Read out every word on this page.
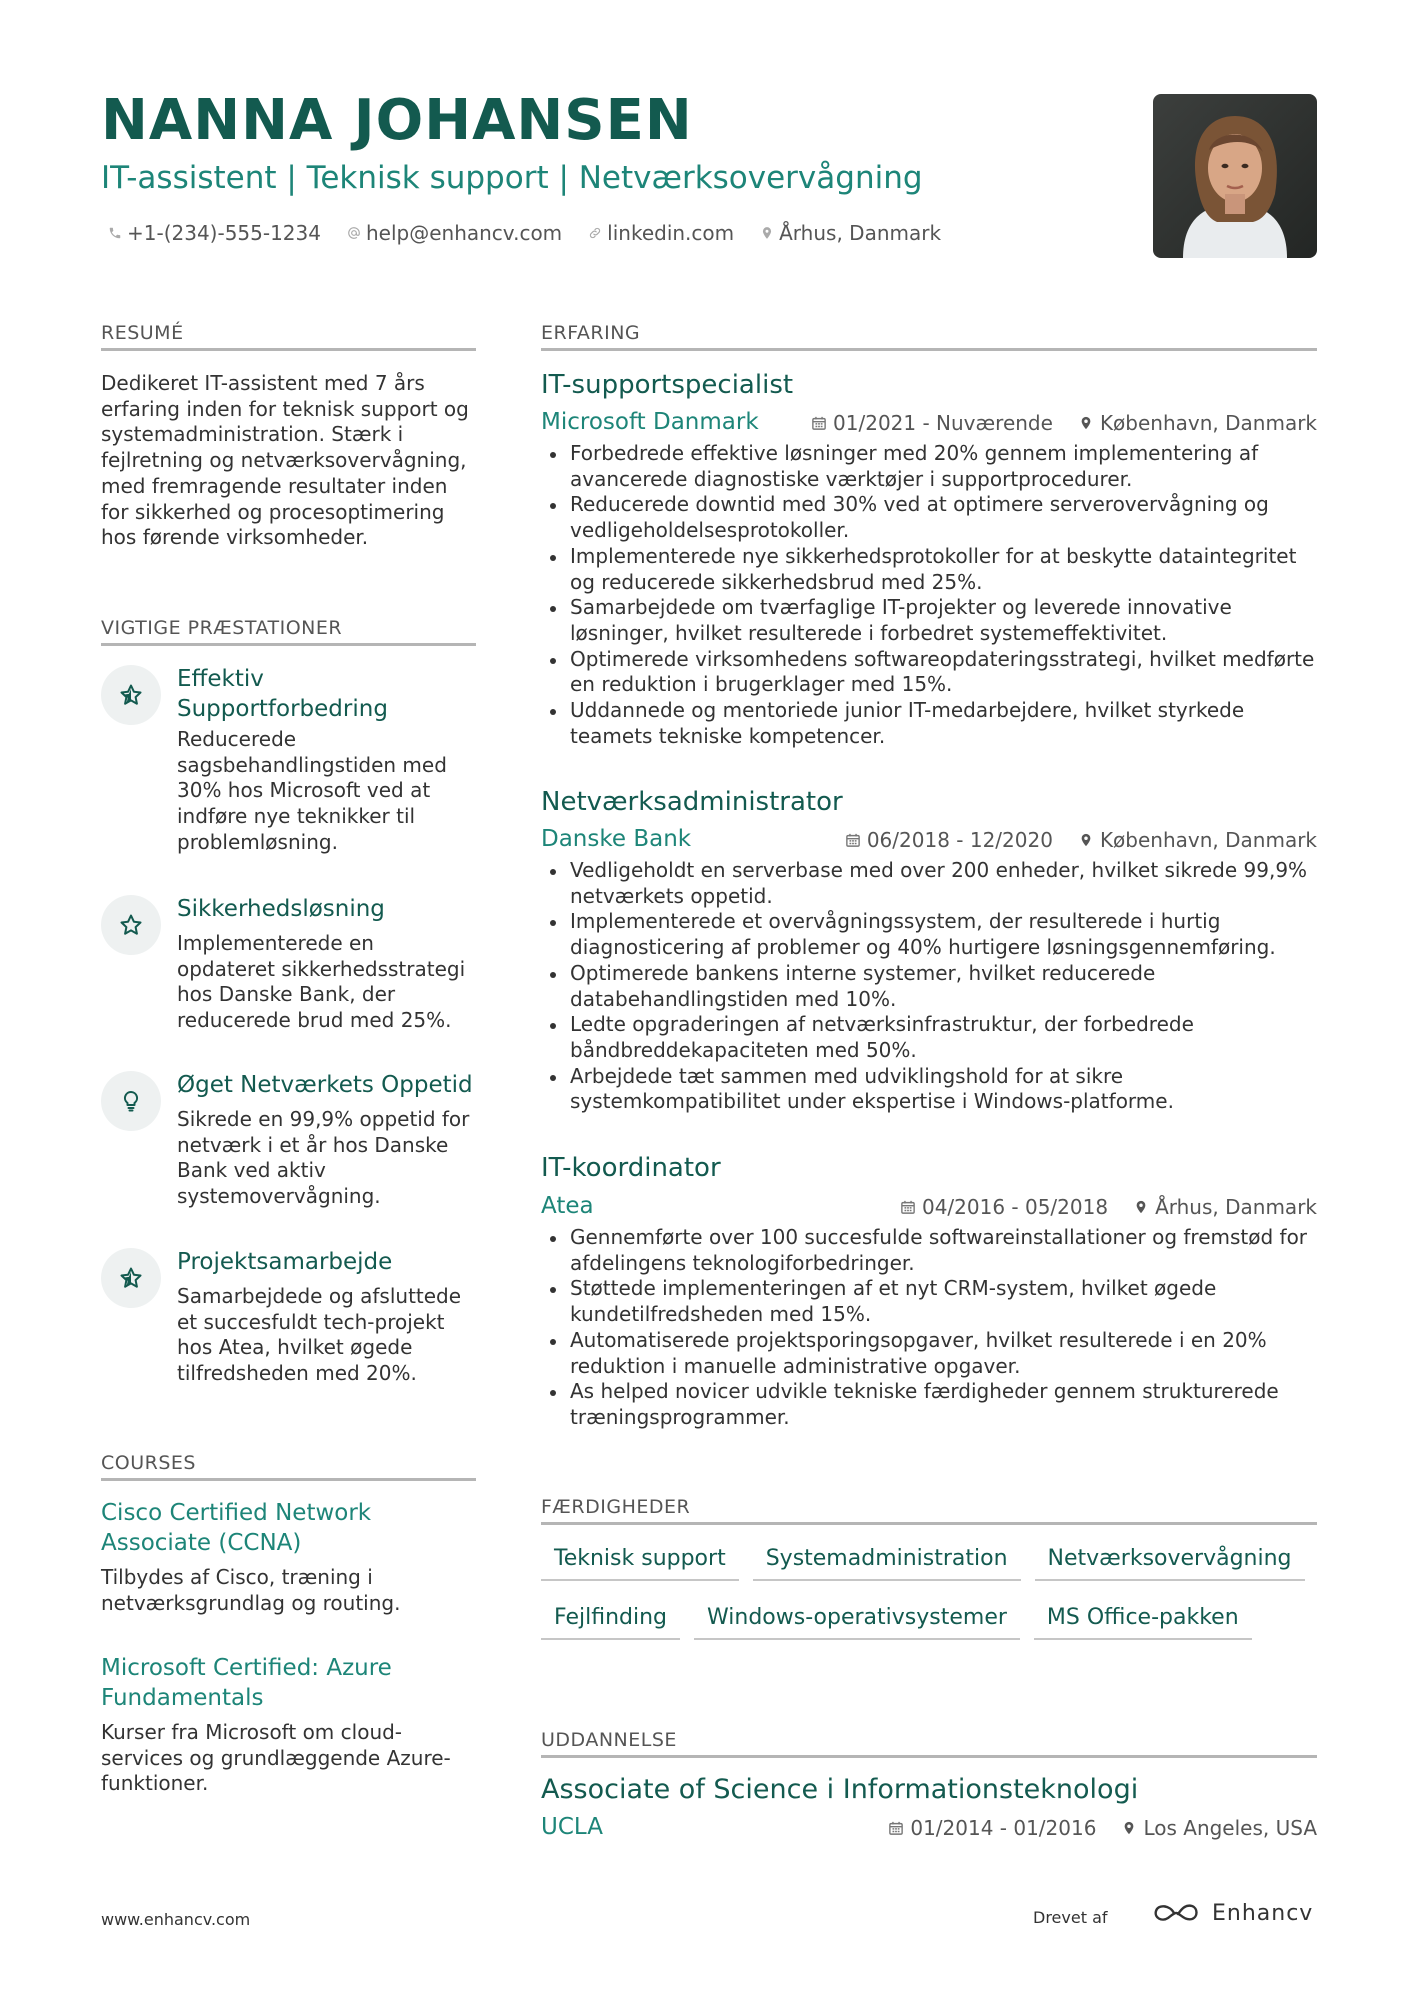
NANNA JOHANSEN
IT-assistent | Teknisk support | Netværksovervågning
+1-(234)-555-1234 help@enhancv.com linkedin.com Århus, Danmark
RESUMÉ
Dedikeret IT-assistent med 7 års erfaring inden for teknisk support og systemadministration. Stærk i fejlretning og netværksovervågning, med fremragende resultater inden for sikkerhed og procesoptimering hos førende virksomheder.
VIGTIGE PRÆSTATIONER
Effektiv Supportforbedring
Reducerede sagsbehandlingstiden med 30% hos Microsoft ved at indføre nye teknikker til problemløsning.
Sikkerhedsløsning
Implementerede en opdateret sikkerhedsstrategi hos Danske Bank, der reducerede brud med 25%.
Øget Netværkets Oppetid
Sikrede en 99,9% oppetid for netværk i et år hos Danske Bank ved aktiv systemovervågning.
Projektsamarbejde
Samarbejdede og afsluttede et succesfuldt tech-projekt hos Atea, hvilket øgede tilfredsheden med 20%.
COURSES
Cisco Certified Network Associate (CCNA)
Tilbydes af Cisco, træning i netværksgrundlag og routing.
Microsoft Certified: Azure Fundamentals
Kurser fra Microsoft om cloud-services og grundlæggende Azure-funktioner.
ERFARING
IT-supportspecialist
Microsoft Danmark	01/2021 - Nuværende København, Danmark
Forbedrede effektive løsninger med 20% gennem implementering af avancerede diagnostiske værktøjer i supportprocedurer.
Reducerede downtid med 30% ved at optimere serverovervågning og vedligeholdelsesprotokoller.
Implementerede nye sikkerhedsprotokoller for at beskytte dataintegritet og reducerede sikkerhedsbrud med 25%.
Samarbejdede om tværfaglige IT-projekter og leverede innovative løsninger, hvilket resulterede i forbedret systemeffektivitet.
Optimerede virksomhedens softwareopdateringsstrategi, hvilket medførte en reduktion i brugerklager med 15%.
Uddannede og mentoriede junior IT-medarbejdere, hvilket styrkede teamets tekniske kompetencer.
Netværksadministrator
Danske Bank	06/2018 - 12/2020 København, Danmark
Vedligeholdt en serverbase med over 200 enheder, hvilket sikrede 99,9% netværkets oppetid.
Implementerede et overvågningssystem, der resulterede i hurtig diagnosticering af problemer og 40% hurtigere løsningsgennemføring.
Optimerede bankens interne systemer, hvilket reducerede databehandlingstiden med 10%.
Ledte opgraderingen af netværksinfrastruktur, der forbedrede båndbreddekapaciteten med 50%.
Arbejdede tæt sammen med udviklingshold for at sikre systemkompatibilitet under ekspertise i Windows-platforme.
IT-koordinator
Atea	04/2016 - 05/2018 Århus, Danmark
Gennemførte over 100 succesfulde softwareinstallationer og fremstød for afdelingens teknologiforbedringer.
Støttede implementeringen af et nyt CRM-system, hvilket øgede kundetilfredsheden med 15%.
Automatiserede projektsporingsopgaver, hvilket resulterede i en 20% reduktion i manuelle administrative opgaver.
As helped novicer udvikle tekniske færdigheder gennem strukturerede træningsprogrammer.
FÆRDIGHEDER
Teknisk support	Systemadministration	Netværksovervågning
Fejlfinding	Windows-operativsystemer	MS Office-pakken
UDDANNELSE
Associate of Science i Informationsteknologi
UCLA	01/2014 - 01/2016 Los Angeles, USA
www.enhancv.com	Drevet af	Enhancv
